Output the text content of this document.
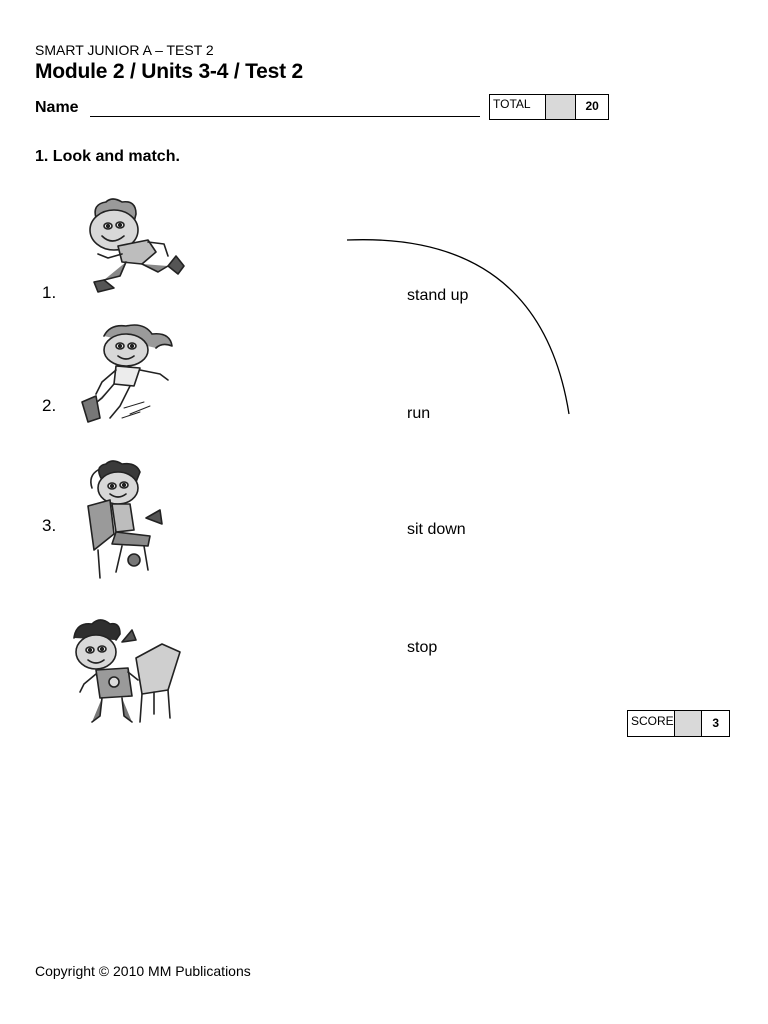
SMART JUNIOR A – TEST 2
Module 2 / Units 3-4 / Test 2
Name	TOTAL	20
1. Look and match.
1.
2.
3.
stand up
run
sit down
stop
SCORE	3
Copyright © 2010 MM Publications
